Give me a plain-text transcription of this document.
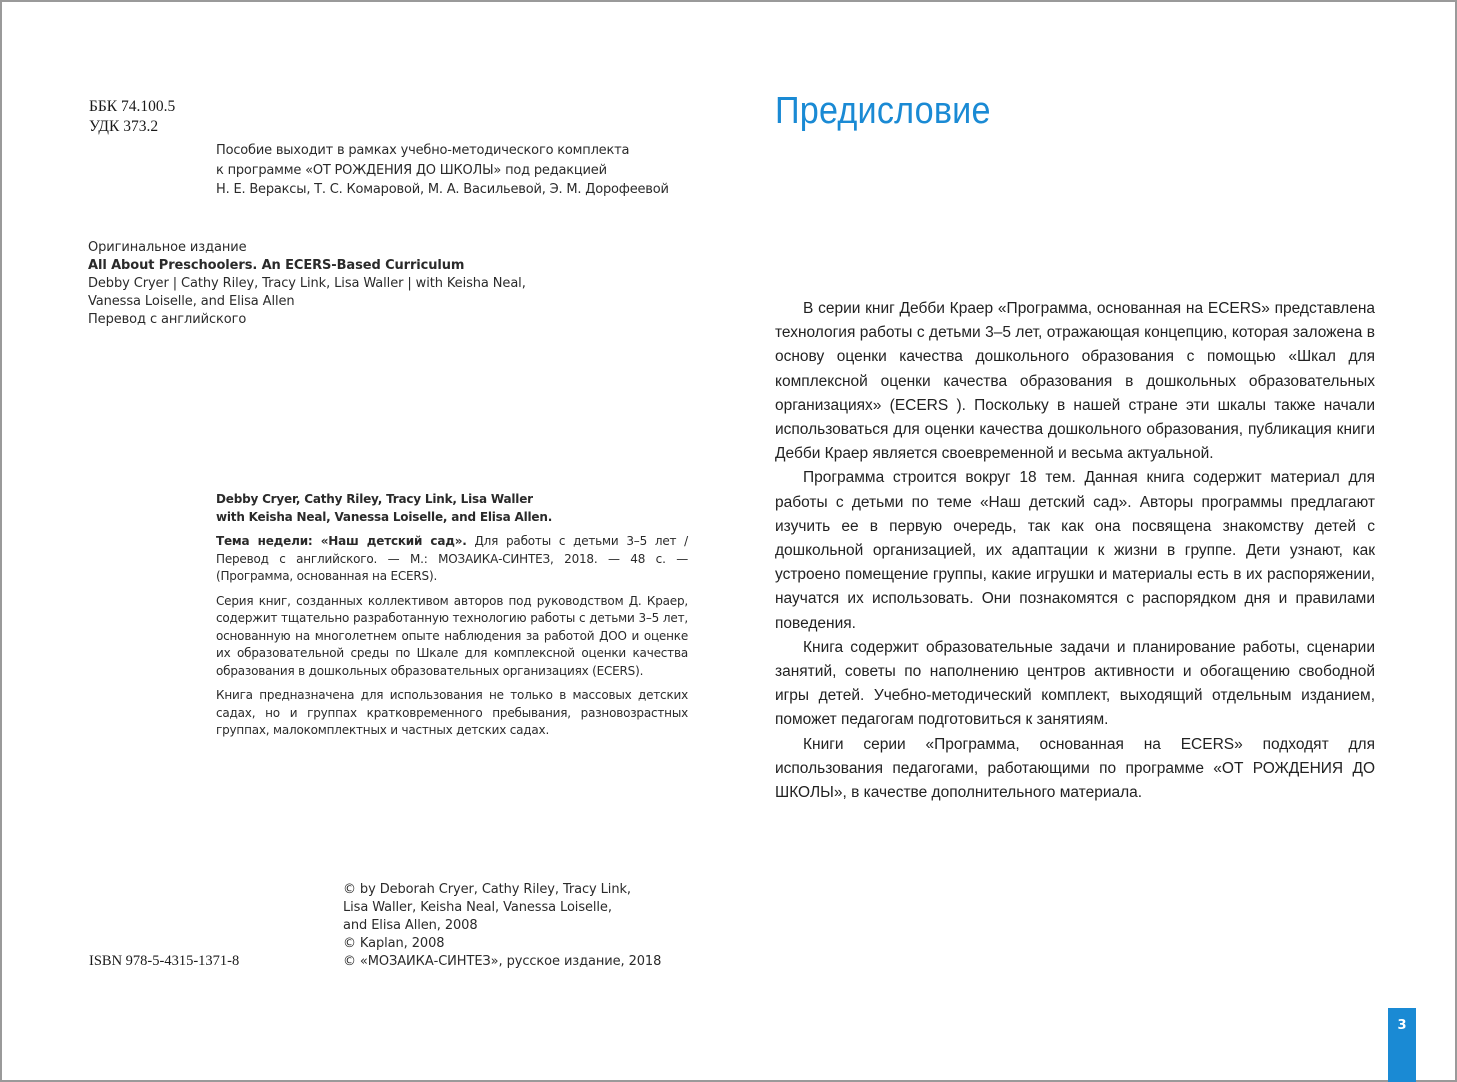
ББК 74.100.5
УДК 373.2
Пособие выходит в рамках учебно-методического комплекта
к программе «ОТ РОЖДЕНИЯ ДО ШКОЛЫ» под редакцией
Н. Е. Вераксы, Т. С. Комаровой, М. А. Васильевой, Э. М. Дорофеевой
Оригинальное издание
All About Preschoolers. An ECERS-Based Curriculum
Debby Cryer | Cathy Riley, Tracy Link, Lisa Waller | with Keisha Neal,
Vanessa Loiselle, and Elisa Allen
Перевод с английского
Debby Cryer, Cathy Riley, Tracy Link, Lisa Waller
with Keisha Neal, Vanessa Loiselle, and Elisa Allen.

Тема недели: «Наш детский сад». Для работы с детьми 3–5 лет / Перевод с английского. — М.: МОЗАИКА-СИНТЕЗ, 2018. — 48 с. — (Программа, основанная на ECERS).

Серия книг, созданных коллективом авторов под руководством Д. Краер, содержит тщательно разработанную технологию работы с детьми 3–5 лет, основанную на многолетнем опыте наблюдения за работой ДОО и оценке их образовательной среды по Шкале для комплексной оценки качества образования в дошкольных образовательных организациях (ECERS).

Книга предназначена для использования не только в массовых детских садах, но и группах кратковременного пребывания, разновозрастных группах, малокомплектных и частных детских садах.

ISBN 978-5-4315-1371-8
© by Deborah Cryer, Cathy Riley, Tracy Link,
Lisa Waller, Keisha Neal, Vanessa Loiselle,
and Elisa Allen, 2008
© Kaplan, 2008
© «МОЗАИКА-СИНТЕЗ», русское издание, 2018
Предисловие

В серии книг Дебби Краер «Программа, основанная на ECERS» представлена технология работы с детьми 3–5 лет, отражающая концепцию, которая заложена в основу оценки качества дошкольного образования с помощью «Шкал для комплексной оценки качества образования в дошкольных образовательных организациях» (ECERS ). Поскольку в нашей стране эти шкалы также начали использоваться для оценки качества дошкольного образования, публикация книги Дебби Краер является своевременной и весьма актуальной.

Программа строится вокруг 18 тем. Данная книга содержит материал для работы с детьми по теме «Наш детский сад». Авторы программы предлагают изучить ее в первую очередь, так как она посвящена знакомству детей с дошкольной организацией, их адаптации к жизни в группе. Дети узнают, как устроено помещение группы, какие игрушки и материалы есть в их распоряжении, научатся их использовать. Они познакомятся с распорядком дня и правилами поведения.

Книга содержит образовательные задачи и планирование работы, сценарии занятий, советы по наполнению центров активности и обогащению свободной игры детей. Учебно-методический комплект, выходящий отдельным изданием, поможет педагогам подготовиться к занятиям.

Книги серии «Программа, основанная на ECERS» подходят для использования педагогами, работающими по программе «ОТ РОЖДЕНИЯ ДО ШКОЛЫ», в качестве дополнительного материала.

3
